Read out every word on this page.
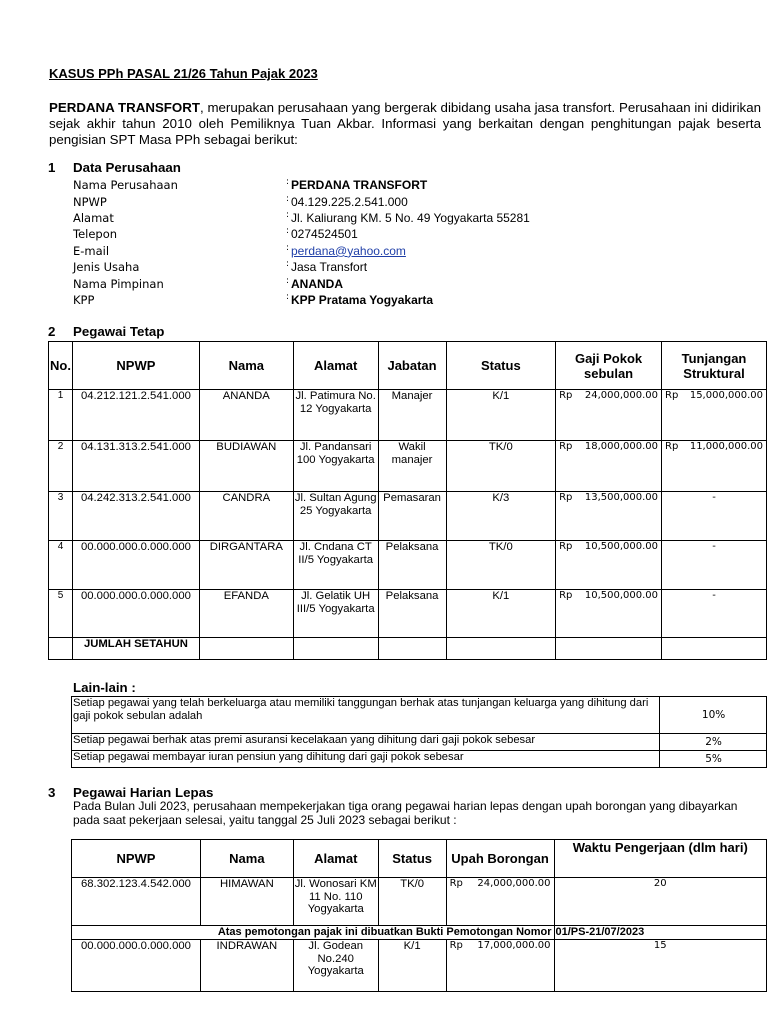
KASUS PPh PASAL 21/26 Tahun Pajak 2023
PERDANA TRANSFORT, merupakan perusahaan yang bergerak dibidang usaha jasa transfort. Perusahaan ini didirikan sejak akhir tahun 2010 oleh Pemiliknya Tuan Akbar. Informasi yang berkaitan dengan penghitungan pajak beserta pengisian SPT Masa PPh sebagai berikut:
1 Data Perusahaan
Nama Perusahaan	: PERDANA TRANSFORT
NPWP	: 04.129.225.2.541.000
Alamat	: Jl. Kaliurang KM. 5 No. 49 Yogyakarta 55281
Telepon	: 0274524501
E-mail	: perdana@yahoo.com
Jenis Usaha	: Jasa Transfort
Nama Pimpinan	: ANANDA
KPP	: KPP Pratama Yogyakarta
2 Pegawai Tetap
No.	NPWP	Nama	Alamat	Jabatan	Status	Gaji Pokok sebulan	Tunjangan Struktural
1	04.212.121.2.541.000	ANANDA	Jl. Patimura No. 12 Yogyakarta	Manajer	K/1	Rp 24,000,000.00	Rp 15,000,000.00

2	04.131.313.2.541.000	BUDIAWAN	Jl. Pandansari 100 Yogyakarta	Wakil manajer	TK/0	Rp 18,000,000.00	Rp 11,000,000.00

3	04.242.313.2.541.000	CANDRA	Jl. Sultan Agung 25 Yogyakarta	Pemasaran	K/3	Rp 13,500,000.00	-
4	00.000.000.0.000.000	DIRGANTARA	Jl. Cndana CT II/5 Yogyakarta	Pelaksana	TK/0	Rp 10,500,000.00	-
5	00.000.000.0.000.000	EFANDA	Jl. Gelatik UH III/5 Yogyakarta	Pelaksana	K/1	Rp 10,500,000.00	-
	JUMLAH SETAHUN						
Lain-lain :
Setiap pegawai yang telah berkeluarga atau memiliki tanggungan berhak atas tunjangan keluarga yang dihitung dari gaji pokok sebulan adalah	10%
Setiap pegawai berhak atas premi asuransi kecelakaan yang dihitung dari gaji pokok sebesar	2%
Setiap pegawai membayar iuran pensiun yang dihitung dari gaji pokok sebesar	5%
3 Pegawai Harian Lepas
Pada Bulan Juli 2023, perusahaan mempekerjakan tiga orang pegawai harian lepas dengan upah borongan yang dibayarkan pada saat pekerjaan selesai, yaitu tanggal 25 Juli 2023 sebagai berikut :
NPWP	Nama	Alamat	Status	Upah Borongan	Waktu Pengerjaan (dlm hari)
68.302.123.4.542.000	HIMAWAN	Jl. Wonosari KM 11 No. 110 Yogyakarta	TK/0	Rp 24,000,000.00	20
Atas pemotongan pajak ini dibuatkan Bukti Pemotongan Nomor					01/PS-21/07/2023
00.000.000.0.000.000	INDRAWAN	Jl. Godean No.240 Yogyakarta	K/1	Rp 17,000,000.00	15
